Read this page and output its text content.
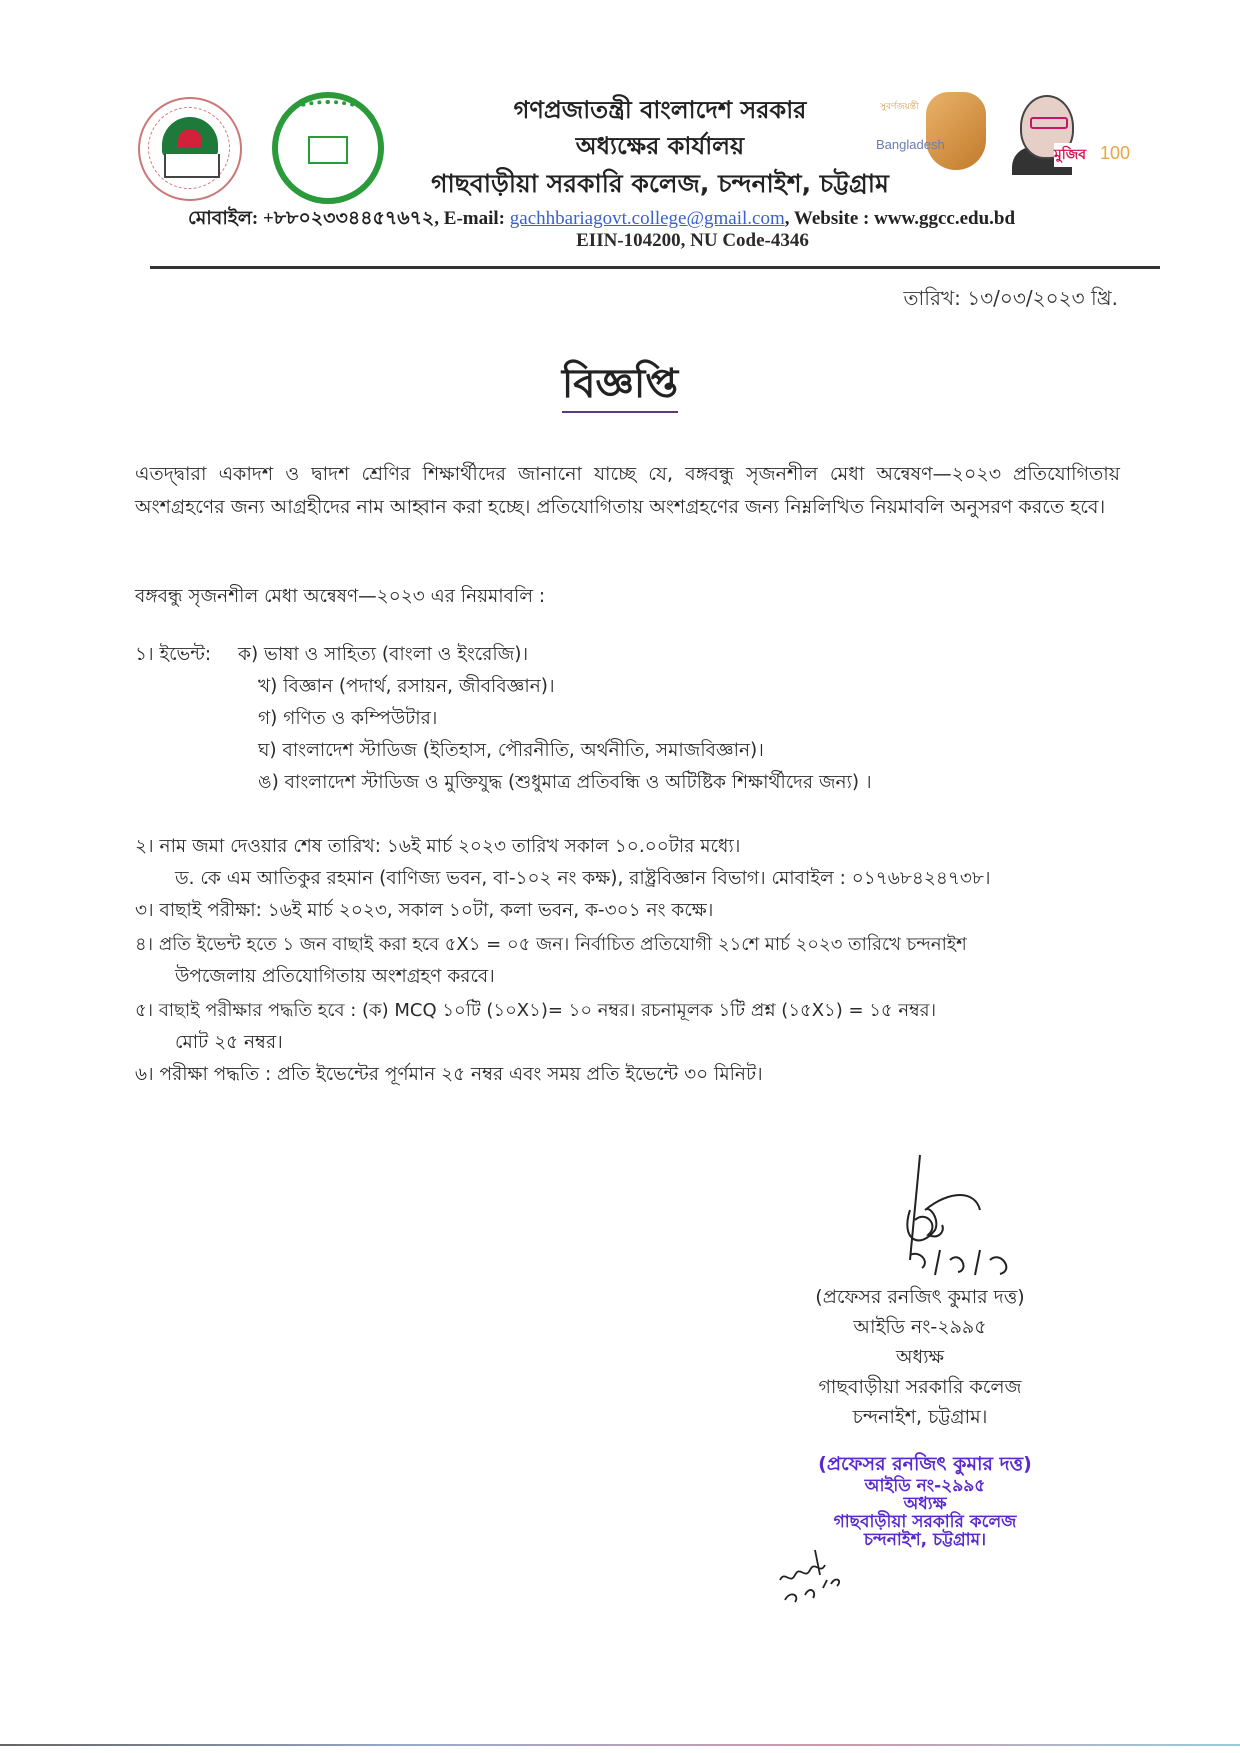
গণপ্রজাতন্ত্রী বাংলাদেশ সরকার
অধ্যক্ষের কার্যালয়
গাছবাড়ীয়া সরকারি কলেজ, চন্দনাইশ, চট্টগ্রাম
সুবর্ণজয়ন্তী
Bangladesh
মুজিব 100
মোবাইল: +৮৮০২৩৩৪৪৫৭৬৭২, E-mail: gachhbariagovt.college@gmail.com, Website : www.ggcc.edu.bd
EIIN-104200, NU Code-4346
তারিখ: ১৩/০৩/২০২৩ খ্রি.
বিজ্ঞপ্তি
এতদ্দ্বারা একাদশ ও দ্বাদশ শ্রেণির শিক্ষার্থীদের জানানো যাচ্ছে যে, বঙ্গবন্ধু সৃজনশীল মেধা অন্বেষণ—২০২৩ প্রতিযোগিতায় অংশগ্রহণের জন্য আগ্রহীদের নাম আহ্বান করা হচ্ছে। প্রতিযোগিতায় অংশগ্রহণের জন্য নিম্নলিখিত নিয়মাবলি অনুসরণ করতে হবে।
বঙ্গবন্ধু সৃজনশীল মেধা অন্বেষণ—২০২৩ এর নিয়মাবলি :
১। ইভেন্ট: ক) ভাষা ও সাহিত্য (বাংলা ও ইংরেজি)।
খ) বিজ্ঞান (পদার্থ, রসায়ন, জীববিজ্ঞান)।
গ) গণিত ও কম্পিউটার।
ঘ) বাংলাদেশ স্টাডিজ (ইতিহাস, পৌরনীতি, অর্থনীতি, সমাজবিজ্ঞান)।
ঙ) বাংলাদেশ স্টাডিজ ও মুক্তিযুদ্ধ (শুধুমাত্র প্রতিবন্ধি ও অটিষ্টিক শিক্ষার্থীদের জন্য) ।
২। নাম জমা দেওয়ার শেষ তারিখ: ১৬ই মার্চ ২০২৩ তারিখ সকাল ১০.০০টার মধ্যে।
ড. কে এম আতিকুর রহমান (বাণিজ্য ভবন, বা-১০২ নং কক্ষ), রাষ্ট্রবিজ্ঞান বিভাগ। মোবাইল : ০১৭৬৮৪২৪৭৩৮।
৩। বাছাই পরীক্ষা: ১৬ই মার্চ ২০২৩, সকাল ১০টা, কলা ভবন, ক-৩০১ নং কক্ষে।
৪। প্রতি ইভেন্ট হতে ১ জন বাছাই করা হবে ৫X১ = ০৫ জন। নির্বাচিত প্রতিযোগী ২১শে মার্চ ২০২৩ তারিখে চন্দনাইশ
উপজেলায় প্রতিযোগিতায় অংশগ্রহণ করবে।
৫। বাছাই পরীক্ষার পদ্ধতি হবে : (ক) MCQ ১০টি (১০X১)= ১০ নম্বর। রচনামূলক ১টি প্রশ্ন (১৫X১) = ১৫ নম্বর।
মোট ২৫ নম্বর।
৬। পরীক্ষা পদ্ধতি : প্রতি ইভেন্টের পূর্ণমান ২৫ নম্বর এবং সময় প্রতি ইভেন্টে ৩০ মিনিট।
(প্রফেসর রনজিৎ কুমার দত্ত)
আইডি নং-২৯৯৫
অধ্যক্ষ
গাছবাড়ীয়া সরকারি কলেজ
চন্দনাইশ, চট্টগ্রাম।
(প্রফেসর রনজিৎ কুমার দত্ত)
আইডি নং-২৯৯৫
অধ্যক্ষ
গাছবাড়ীয়া সরকারি কলেজ
চন্দনাইশ, চট্টগ্রাম।
